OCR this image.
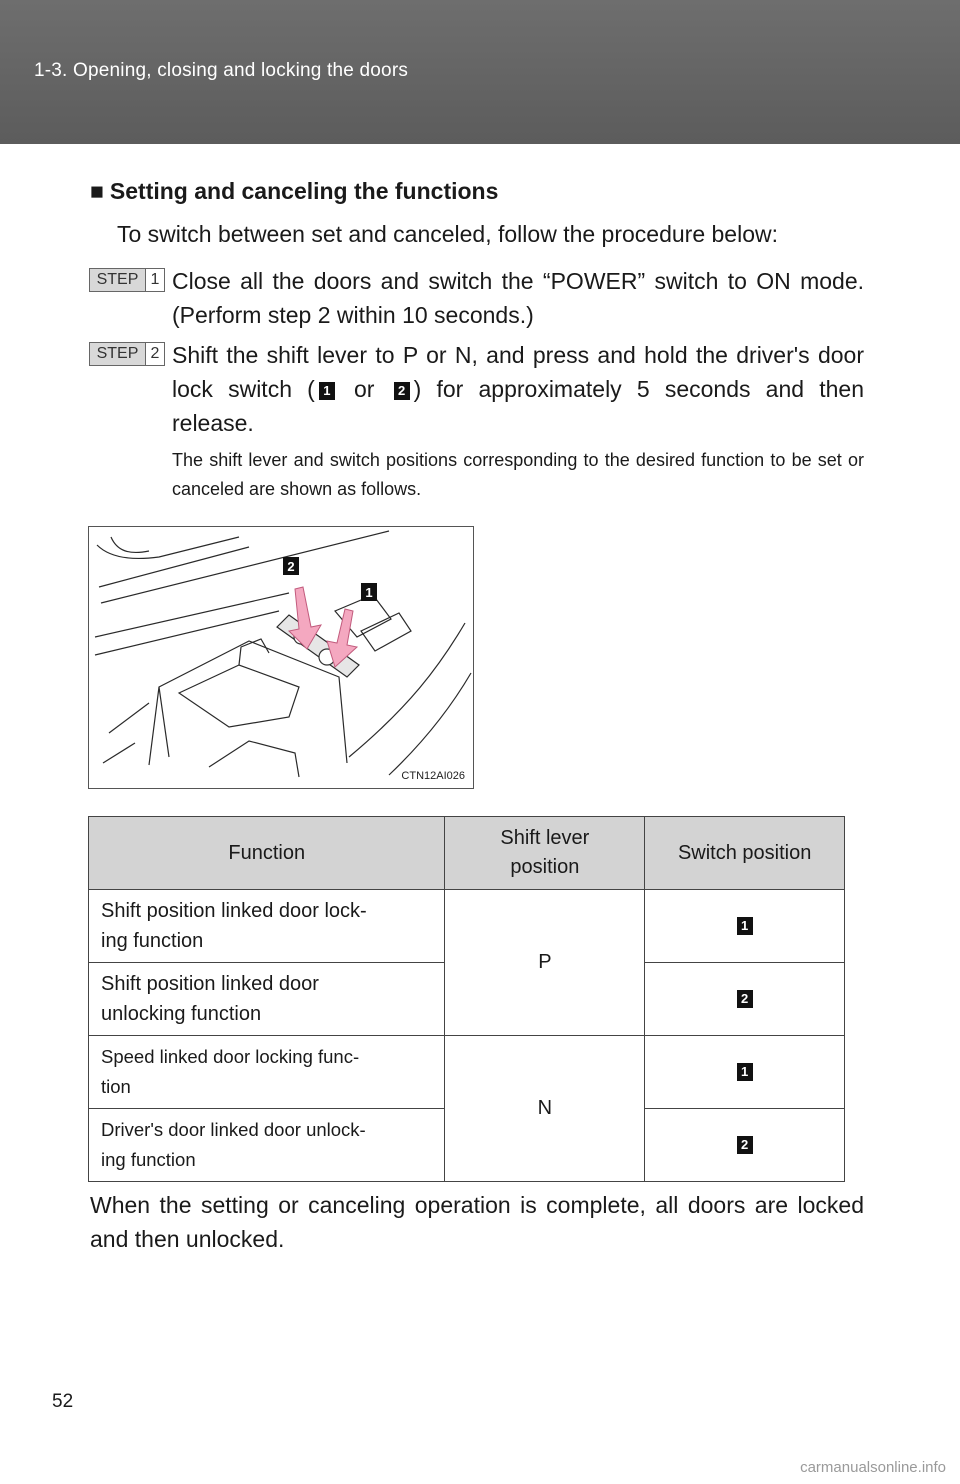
1-3. Opening, closing and locking the doors
■ Setting and canceling the functions
To switch between set and canceled, follow the procedure below:
STEP 1 Close all the doors and switch the “POWER” switch to ON mode. (Perform step 2 within 10 seconds.)
STEP 2 Shift the shift lever to P or N, and press and hold the driver's door lock switch ( 1 or 2 ) for approximately 5 seconds and then release.
The shift lever and switch positions corresponding to the desired function to be set or canceled are shown as follows.
2
1
CTN12AI026
Function	Shift lever position	Switch position
Shift position linked door lock-
ing function	P	1
Shift position linked door
unlocking function		2
Speed linked door locking func-
tion	N	1
Driver's door linked door unlock-
ing function		2
When the setting or canceling operation is complete, all doors are locked and then unlocked.
52
carmanualsonline.info
